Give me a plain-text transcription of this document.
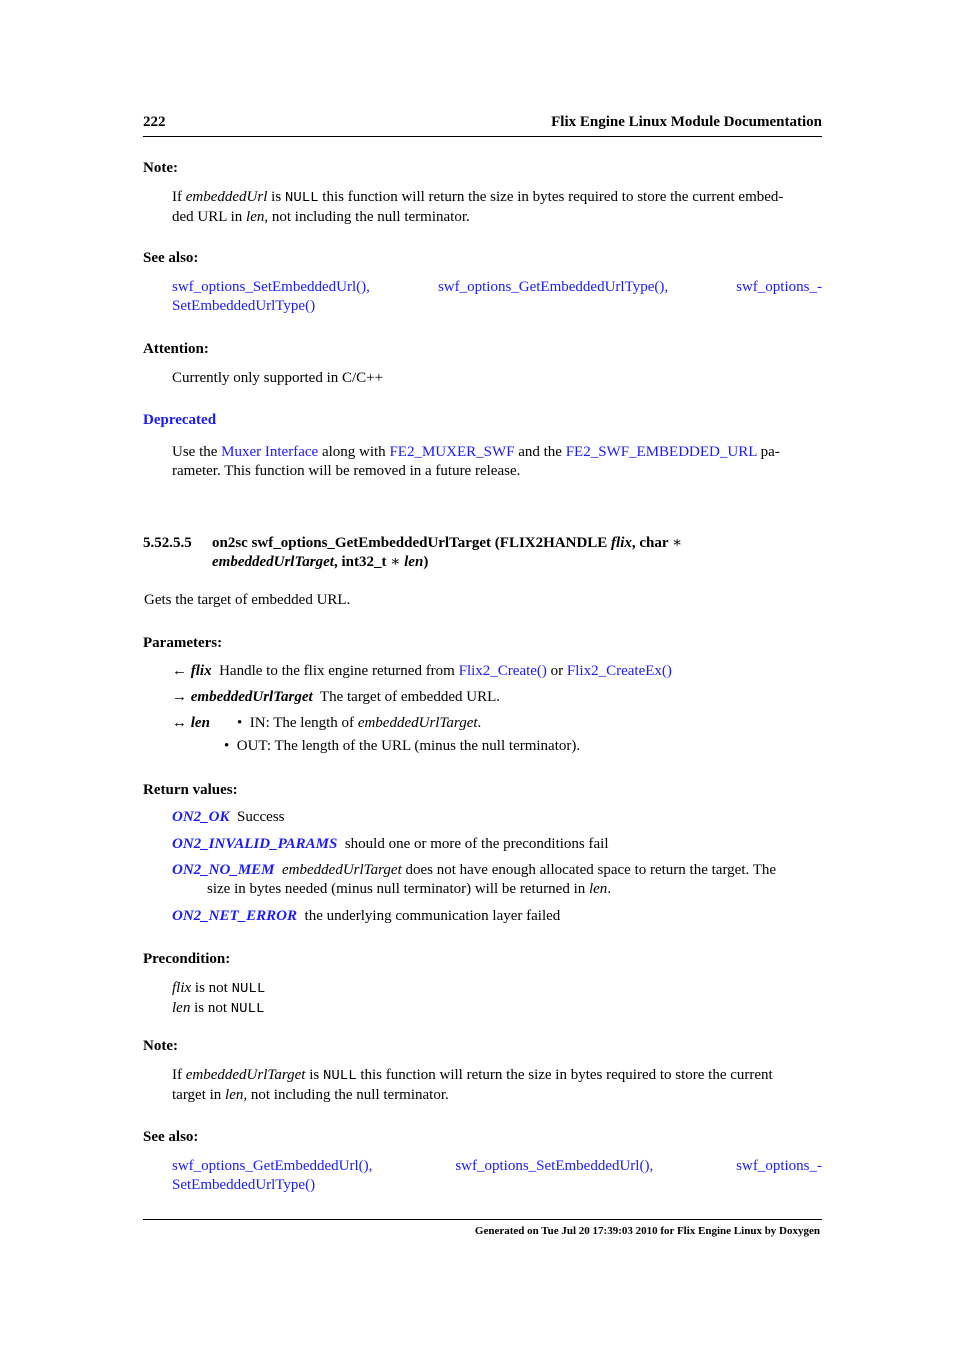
222	Flix Engine Linux Module Documentation
Note:
If embeddedUrl is NULL this function will return the size in bytes required to store the current embed-
ded URL in len, not including the null terminator.
See also:
swf_options_SetEmbeddedUrl(),	swf_options_GetEmbeddedUrlType(),	swf_options_-
SetEmbeddedUrlType()
Attention:
Currently only supported in C/C++
Deprecated
Use the Muxer Interface along with FE2_MUXER_SWF and the FE2_SWF_EMBEDDED_URL pa-
rameter. This function will be removed in a future release.
5.52.5.5 on2sc swf_options_GetEmbeddedUrlTarget (FLIX2HANDLE flix, char ∗
embeddedUrlTarget, int32_t ∗ len)
Gets the target of embedded URL.
Parameters:
← flix Handle to the flix engine returned from Flix2_Create() or Flix2_CreateEx()
→ embeddedUrlTarget The target of embedded URL.
↔ len • IN: The length of embeddedUrlTarget.
• OUT: The length of the URL (minus the null terminator).
Return values:
ON2_OK Success
ON2_INVALID_PARAMS should one or more of the preconditions fail
ON2_NO_MEM embeddedUrlTarget does not have enough allocated space to return the target. The
size in bytes needed (minus null terminator) will be returned in len.
ON2_NET_ERROR the underlying communication layer failed
Precondition:
flix is not NULL
len is not NULL
Note:
If embeddedUrlTarget is NULL this function will return the size in bytes required to store the current
target in len, not including the null terminator.
See also:
swf_options_GetEmbeddedUrl(),	swf_options_SetEmbeddedUrl(),	swf_options_-
SetEmbeddedUrlType()
Generated on Tue Jul 20 17:39:03 2010 for Flix Engine Linux by Doxygen
